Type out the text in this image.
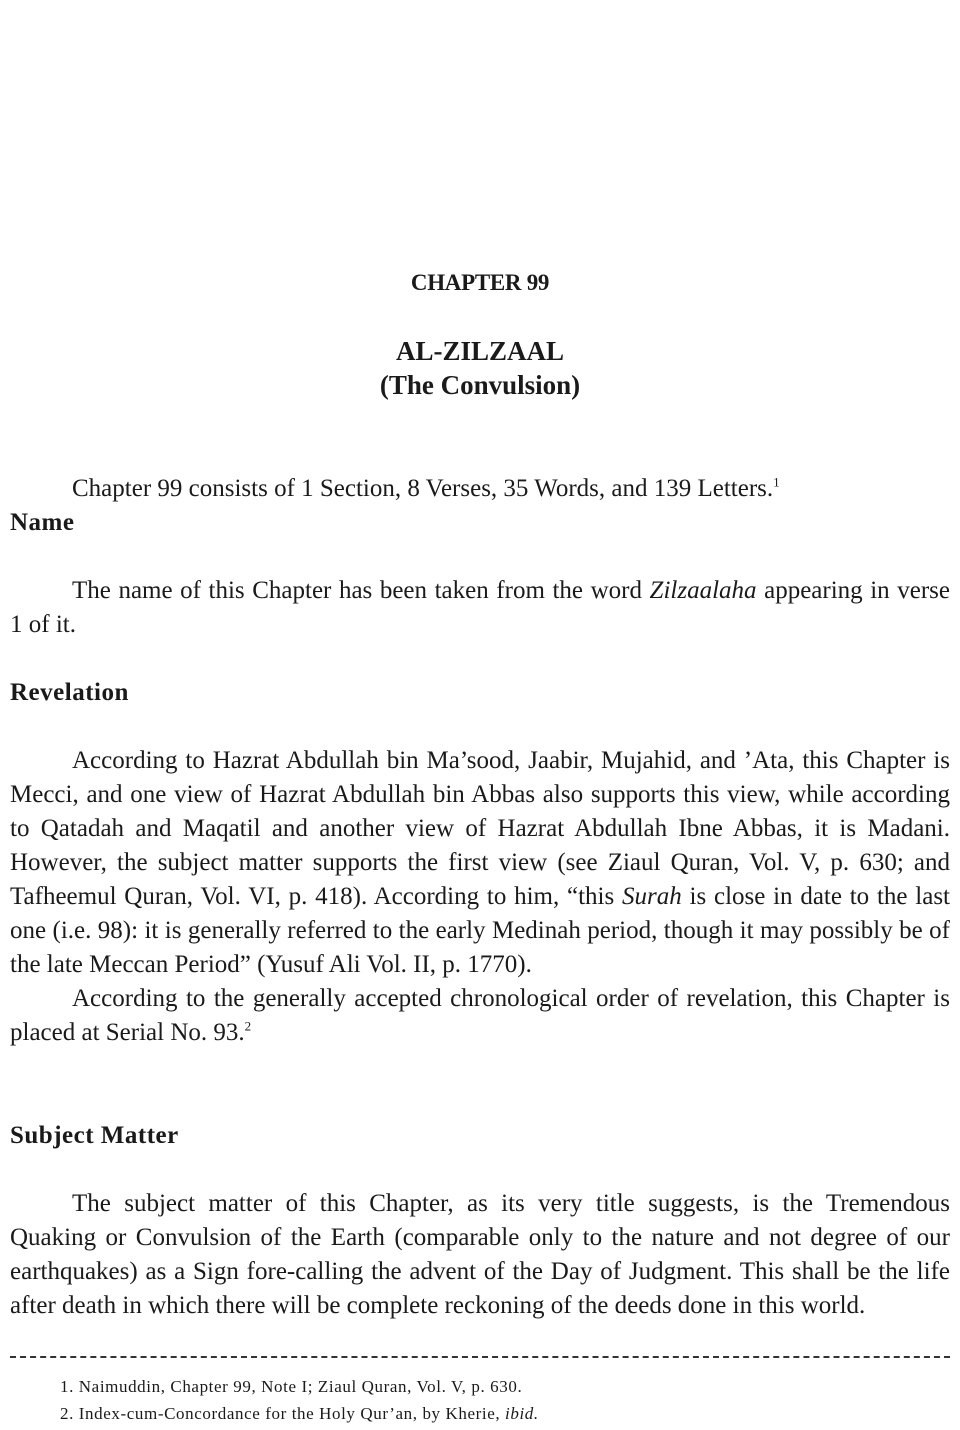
CHAPTER 99
AL-ZILZAAL
(The Convulsion)

Chapter 99 consists of 1 Section, 8 Verses, 35 Words, and 139 Letters.$^1$

Name

The name of this Chapter has been taken from the word Zilzaalaha appearing in verse 1 of it.

Revelation

According to Hazrat Abdullah bin Ma’sood, Jaabir, Mujahid, and ’Ata, this Chapter is Mecci, and one view of Hazrat Abdullah bin Abbas also supports this view, while according to Qatadah and Maqatil and another view of Hazrat Abdullah Ibne Abbas, it is Madani. However, the subject matter supports the first view (see Ziaul Quran, Vol. V, p. 630; and Tafheemul Quran, Vol. VI, p. 418). According to him, “this Surah is close in date to the last one (i.e. 98): it is generally referred to the early Medinah period, though it may possibly be of the late Meccan Period” (Yusuf Ali Vol. II, p. 1770).

According to the generally accepted chronological order of revelation, this Chapter is placed at Serial No. 93.$^2$

Subject Matter

The subject matter of this Chapter, as its very title suggests, is the Tremendous Quaking or Convulsion of the Earth (comparable only to the nature and not degree of our earthquakes) as a Sign fore-calling the advent of the Day of Judgment. This shall be the life after death in which there will be complete reckoning of the deeds done in this world.

1. Naimuddin, Chapter 99, Note I; Ziaul Quran, Vol. V, p. 630.

2. Index-cum-Concordance for the Holy Qur’an, by Kherie, ibid.
